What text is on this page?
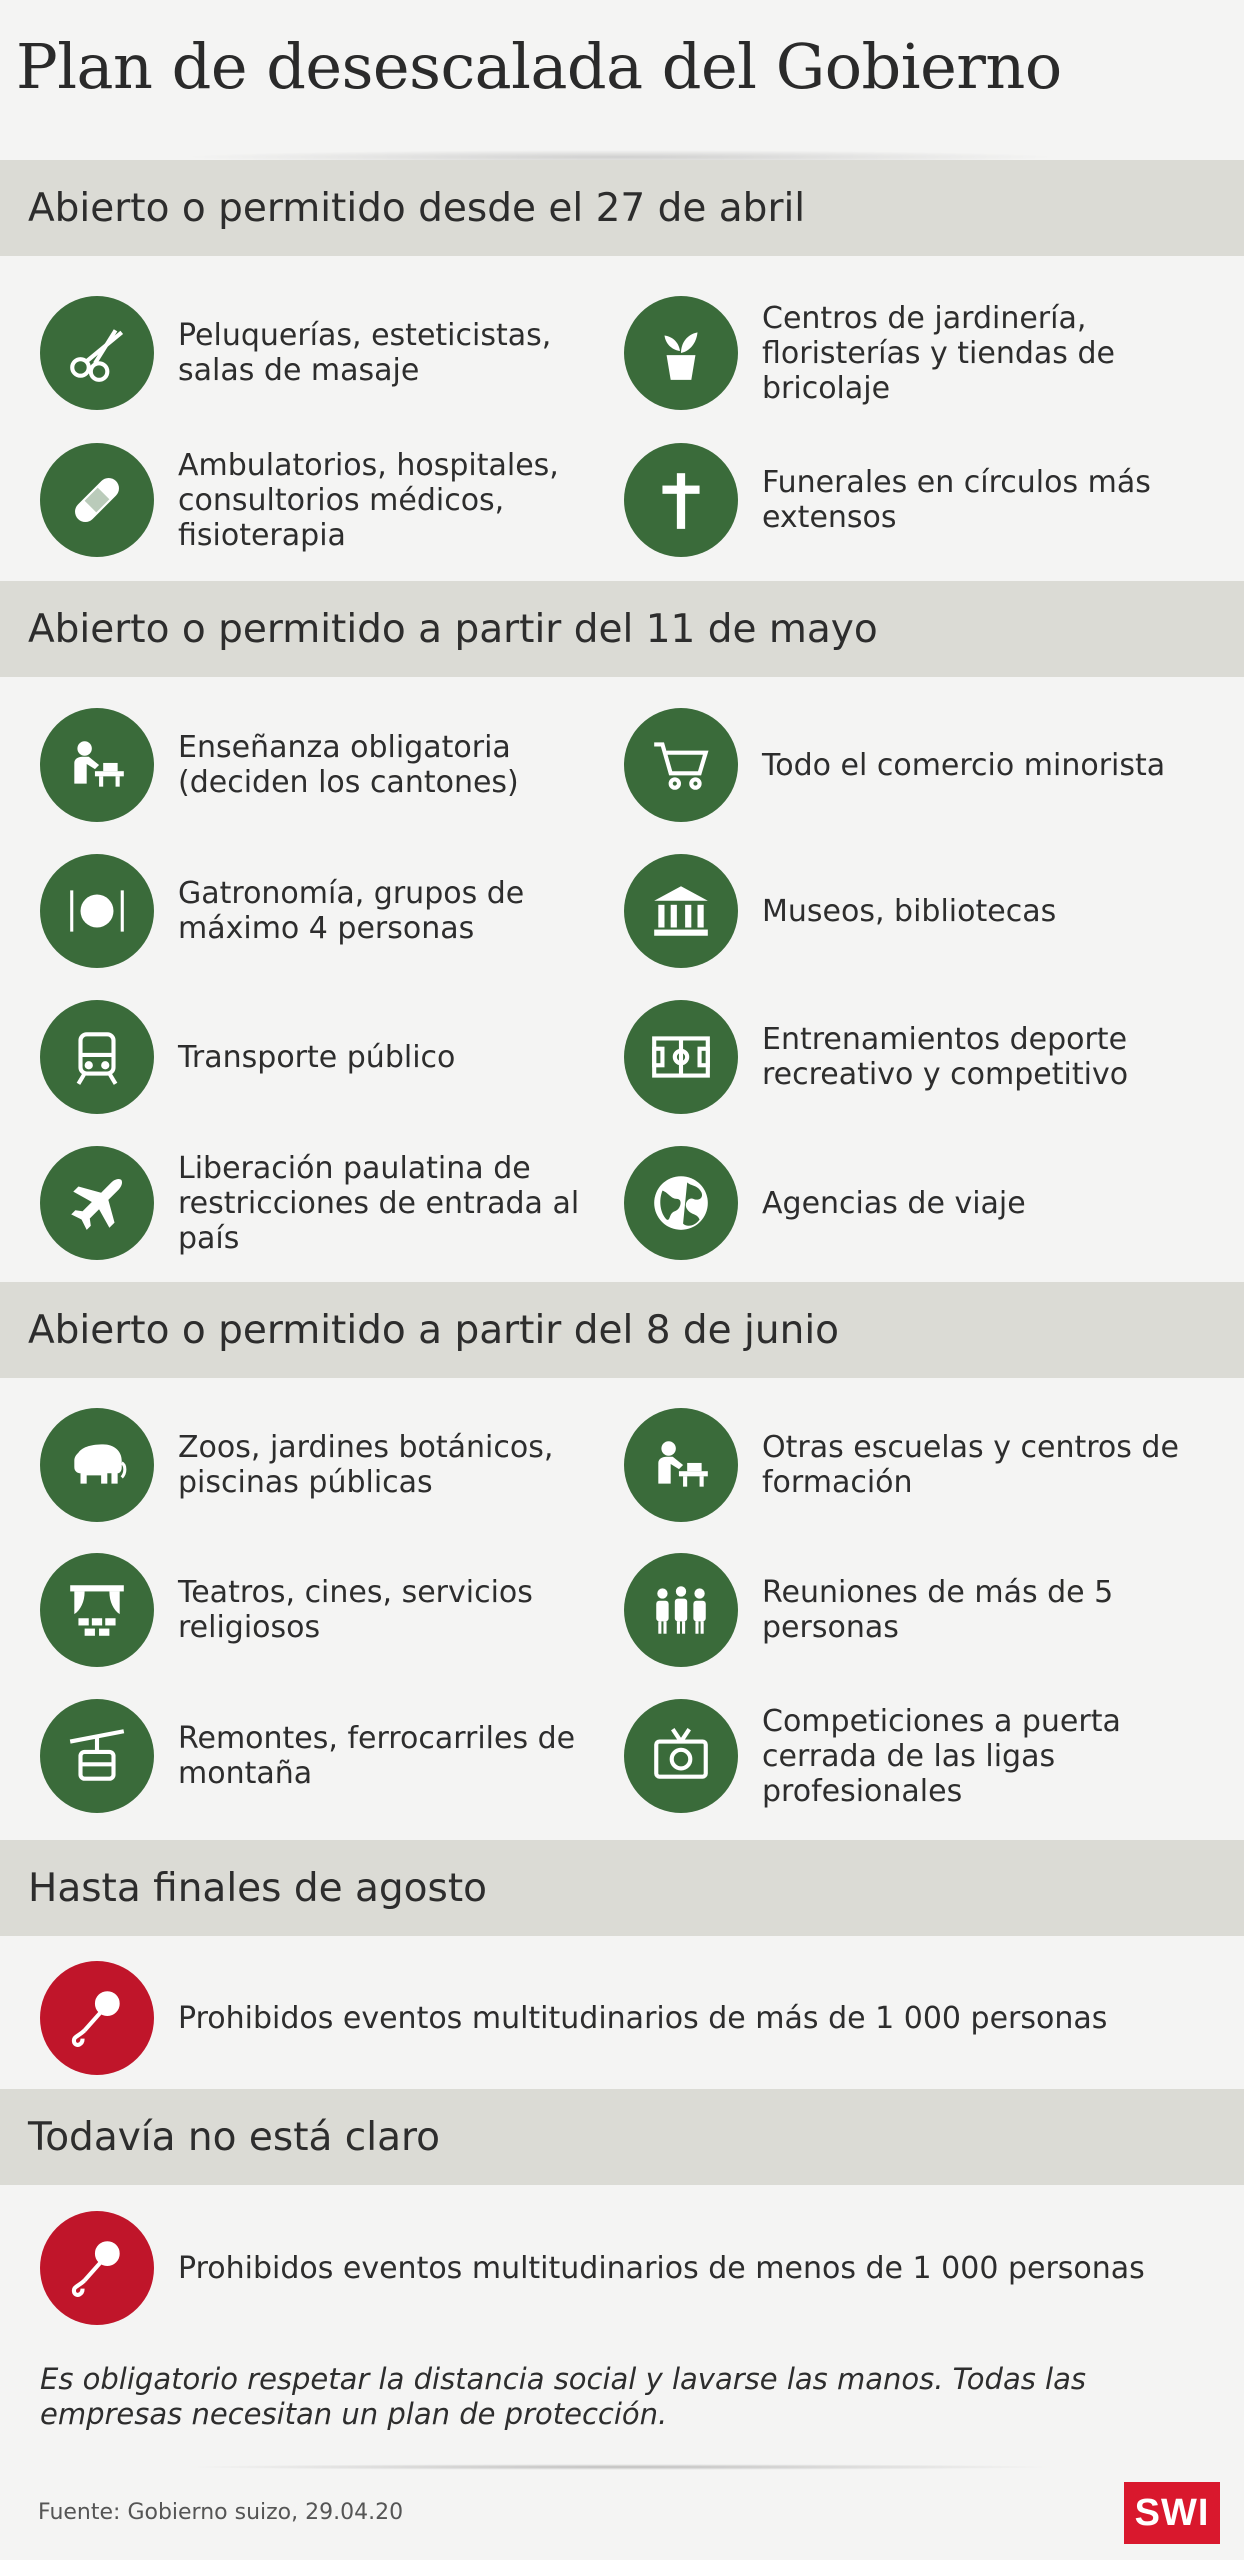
Plan de desescalada del Gobierno
Abierto o permitido desde el 27 de abril
Peluquerías, esteticistas, salas de masaje
Centros de jardinería, floristerías y tiendas de bricolaje
Ambulatorios, hospitales, consultorios médicos, fisioterapia
Funerales en círculos más extensos
Abierto o permitido a partir del 11 de mayo
Enseñanza obligatoria (deciden los cantones)	Todo el comercio minorista
Gatronomía, grupos de máximo 4 personas	Museos, bibliotecas
Transporte público	Entrenamientos deporte recreativo y competitivo
Liberación paulatina de restricciones de entrada al país
Agencias de viaje
Abierto o permitido a partir del 8 de junio
Zoos, jardines botánicos, piscinas públicas
Otras escuelas y centros de formación
Teatros, cines, servicios religiosos
Reuniones de más de 5 personas
Remontes, ferrocarriles de montaña
Competiciones a puerta cerrada de las ligas profesionales
Hasta finales de agosto
Prohibidos eventos multitudinarios de más de 1 000 personas
Todavía no está claro
Prohibidos eventos multitudinarios de menos de 1 000 personas
Es obligatorio respetar la distancia social y lavarse las manos. Todas las empresas necesitan un plan de protección.
Fuente: Gobierno suizo, 29.04.20	SWI
